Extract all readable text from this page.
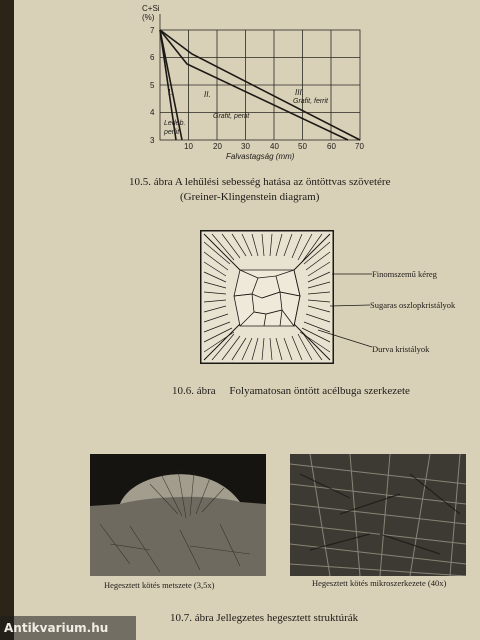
C+Si
(%)
7
6
5
4
3
10	20 30	40 50	60 70
Falvastagság (mm)
I.	II.	III.
Ledeb. perlit
Grafit, perlit
Grafit, ferrit
10.5. ábra A lehűlési sebesség hatása az öntöttvas szövetére
(Greiner-Klingenstein diagram)
Finomszemű kéreg
Sugaras oszlopkristályok
Durva kristályok
10.6. ábra     Folyamatosan öntött acélbuga szerkezete
Hegesztett kötés metszete (3,5x)	Hegesztett kötés mikroszerkezete (40x)
10.7. ábra Jellegzetes hegesztett struktúrák
Antikvarium.hu
